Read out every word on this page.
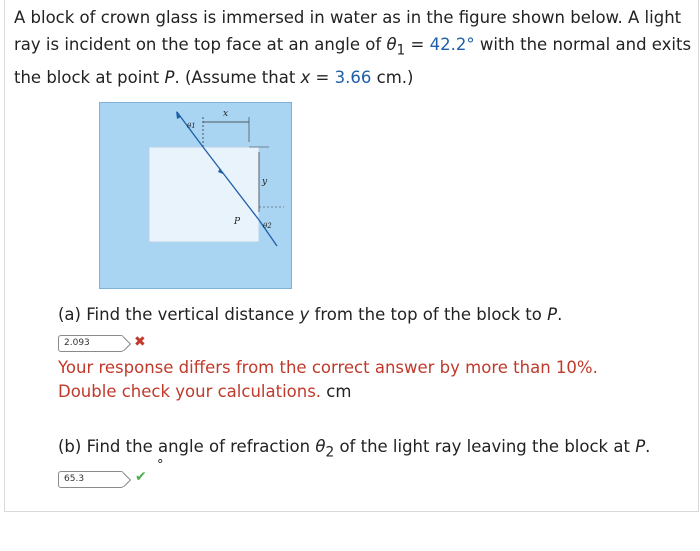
A block of crown glass is immersed in water as in the figure shown below. A light ray is incident on the top face at an angle of $\theta_1 = 42.2^\circ$ with the normal and exits the block at point P. (Assume that x = 3.66 cm.)
x
y
P
θ1
θ2
(a) Find the vertical distance y from the top of the block to P.
2.093	✖
Your response differs from the correct answer by more than 10%.
Double check your calculations. cm
(b) Find the angle of refraction $\theta_2$ of the light ray leaving the block at P.
65.3	✔
°
